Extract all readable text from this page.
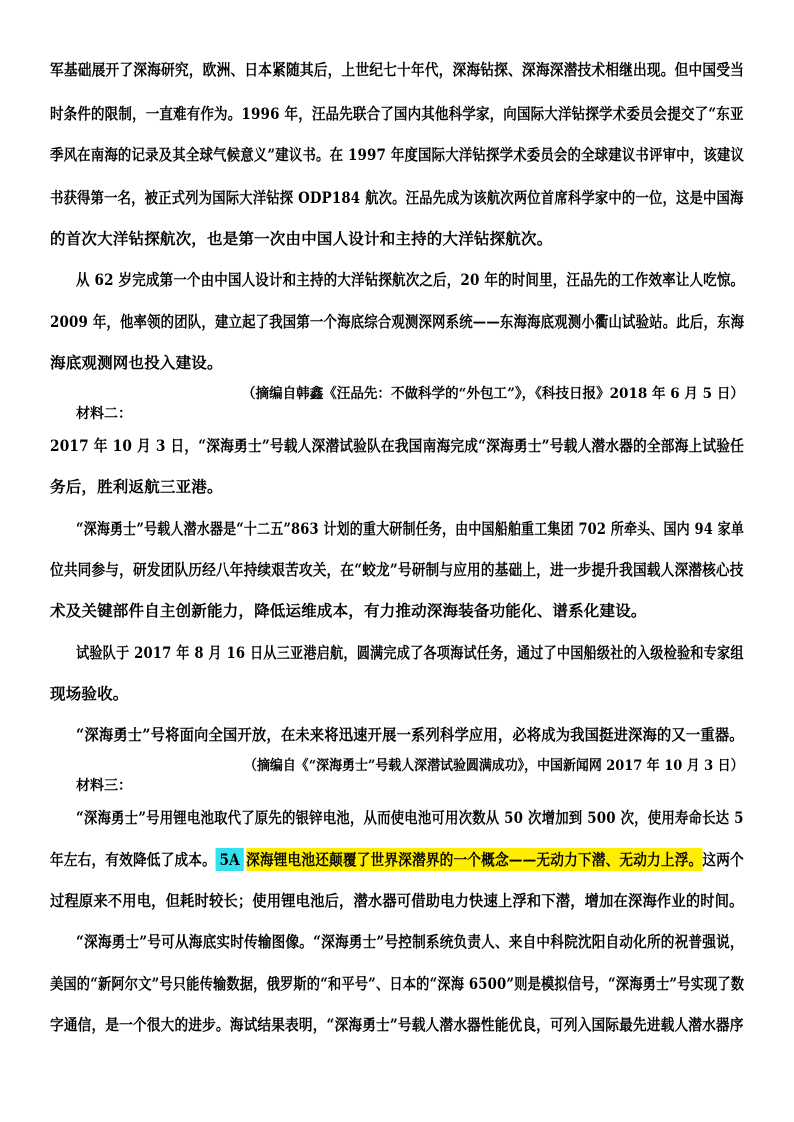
军基础展开了深海研究，欧洲、日本紧随其后，上世纪七十年代，深海钻探、深海深潜技术相继出现。但中国受当
时条件的限制，一直难有作为。1996 年，汪品先联合了国内其他科学家，向国际大洋钻探学术委员会提交了“东亚
季风在南海的记录及其全球气候意义”建议书。在 1997 年度国际大洋钻探学术委员会的全球建议书评审中，该建议
书获得第一名，被正式列为国际大洋钻探 ODP184 航次。汪品先成为该航次两位首席科学家中的一位，这是中国海
的首次大洋钻探航次，也是第一次由中国人设计和主持的大洋钻探航次。
从 62 岁完成第一个由中国人设计和主持的大洋钻探航次之后，20 年的时间里，汪品先的工作效率让人吃惊。
2009 年，他率领的团队，建立起了我国第一个海底综合观测深网系统——东海海底观测小衢山试验站。此后，东海
海底观测网也投入建设。
（摘编自韩鑫《汪品先：不做科学的“外包工”》，《科技日报》2018 年 6 月 5 日）
材料二：
2017 年 10 月 3 日，“深海勇士”号载人深潜试验队在我国南海完成“深海勇士”号载人潜水器的全部海上试验任
务后，胜利返航三亚港。
“深海勇士”号载人潜水器是“十二五”863 计划的重大研制任务，由中国船舶重工集团 702 所牵头、国内 94 家单
位共同参与，研发团队历经八年持续艰苦攻关，在“蛟龙”号研制与应用的基础上，进一步提升我国载人深潜核心技
术及关键部件自主创新能力，降低运维成本，有力推动深海装备功能化、谱系化建设。
试验队于 2017 年 8 月 16 日从三亚港启航，圆满完成了各项海试任务，通过了中国船级社的入级检验和专家组
现场验收。
“深海勇士”号将面向全国开放，在未来将迅速开展一系列科学应用，必将成为我国挺进深海的又一重器。
（摘编自《“深海勇士”号载人深潜试验圆满成功》，中国新闻网 2017 年 10 月 3 日）
材料三：
“深海勇士”号用锂电池取代了原先的银锌电池，从而使电池可用次数从 50 次增加到 500 次，使用寿命长达 5
年左右，有效降低了成本。 5A 深海锂电池还颠覆了世界深潜界的一个概念——无动力下潜、无动力上浮。这两个
过程原来不用电，但耗时较长；使用锂电池后，潜水器可借助电力快速上浮和下潜，增加在深海作业的时间。
“深海勇士”号可从海底实时传输图像。“深海勇士”号控制系统负责人、来自中科院沈阳自动化所的祝普强说，
美国的“新阿尔文”号只能传输数据，俄罗斯的“和平号”、日本的“深海 6500”则是模拟信号，“深海勇士”号实现了数
字通信，是一个很大的进步。海试结果表明，“深海勇士”号载人潜水器性能优良，可列入国际最先进载人潜水器序
